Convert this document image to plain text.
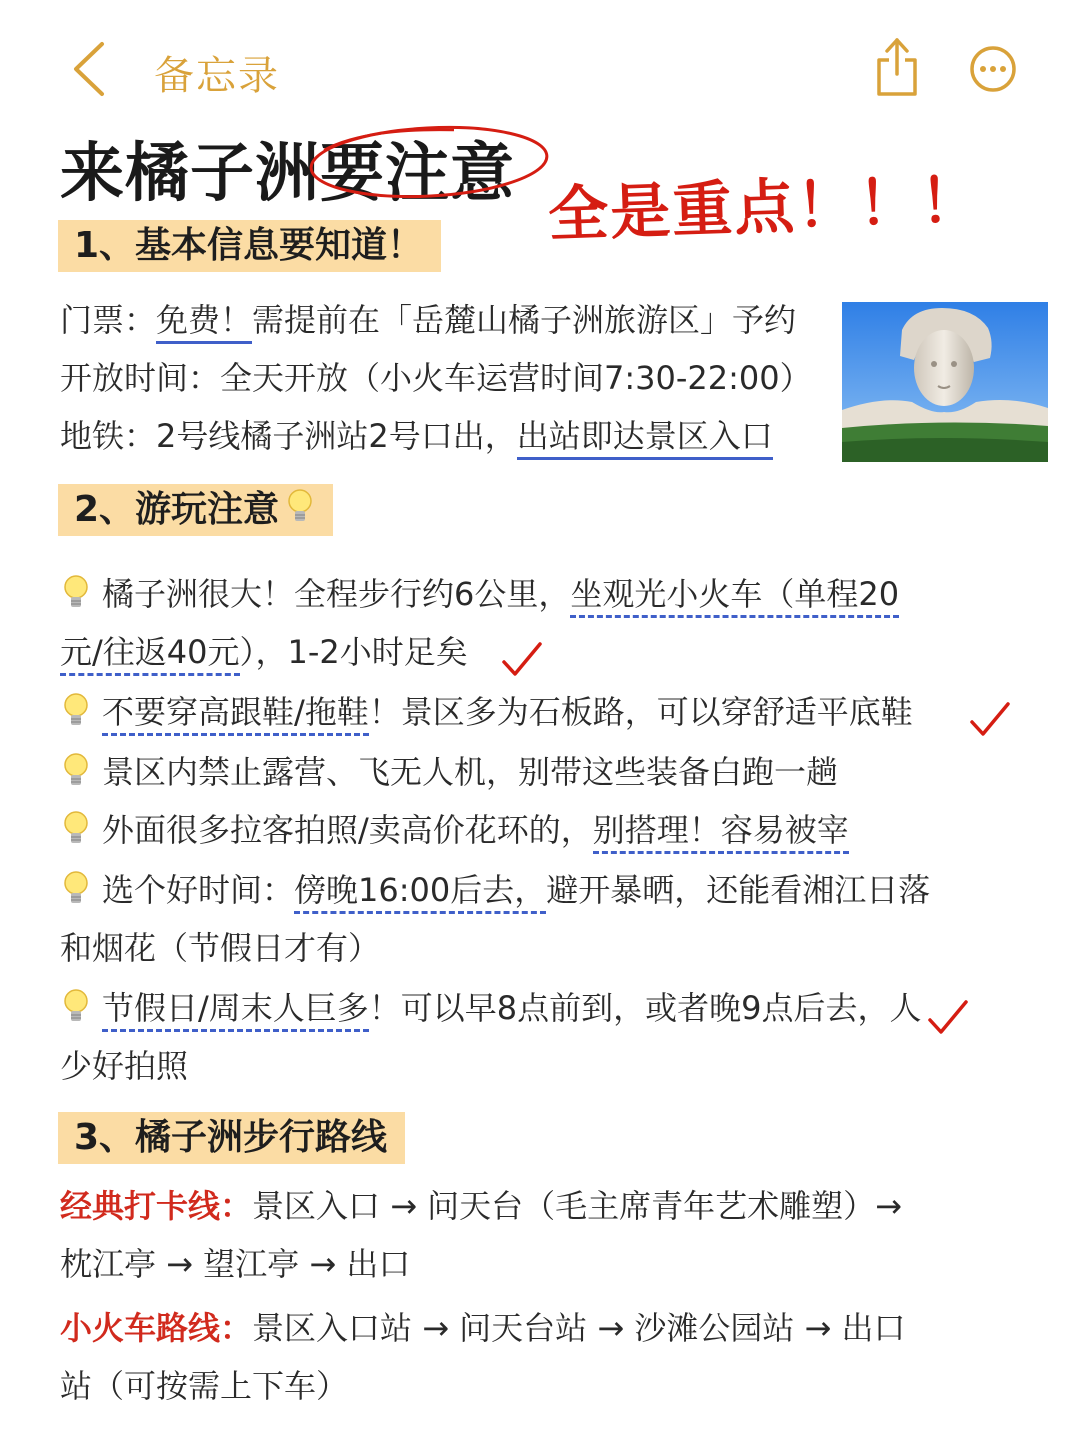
备忘录
来橘子洲
要注意 全是重点！！！
1、基本信息要知道！
门票：免费！需提前在「岳麓山橘子洲旅游区」予约
开放时间：全天开放（小火车运营时间7:30-22:00）
地铁：2号线橘子洲站2号口出，出站即达景区入口
2、游玩注意
橘子洲很大！全程步行约6公里，坐观光小火车（单程20
元/往返40元），1-2小时足矣
不要穿高跟鞋/拖鞋！景区多为石板路，可以穿舒适平底鞋
景区内禁止露营、飞无人机，别带这些装备白跑一趟
外面很多拉客拍照/卖高价花环的，别搭理！容易被宰
选个好时间：傍晚16:00后去，避开暴晒，还能看湘江日落
和烟花（节假日才有）
节假日/周末人巨多！可以早8点前到，或者晚9点后去，人
少好拍照
3、橘子洲步行路线
经典打卡线：景区入口 → 问天台（毛主席青年艺术雕塑）→
枕江亭 → 望江亭 → 出口
小火车路线：景区入口站 → 问天台站 → 沙滩公园站 → 出口
站（可按需上下车）
